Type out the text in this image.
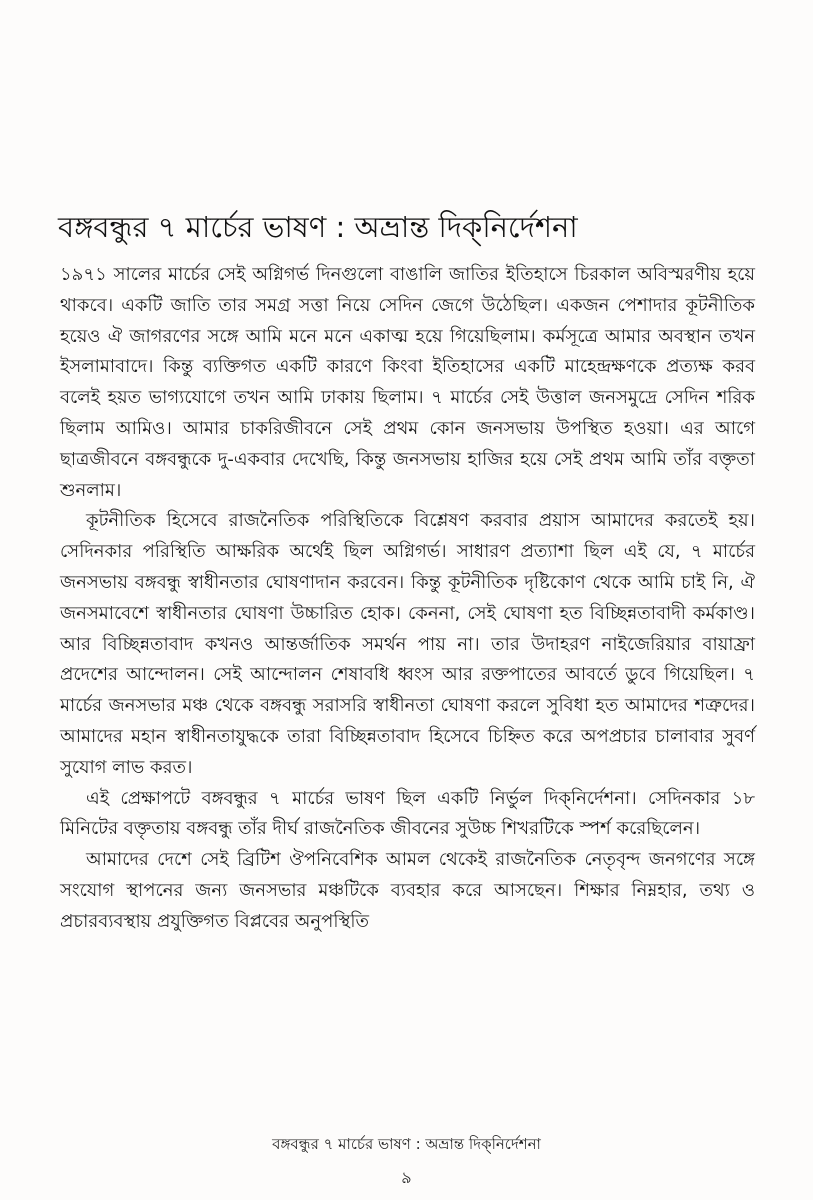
বঙ্গবন্ধুর ৭ মার্চের ভাষণ : অভ্রান্ত দিক্‌নির্দেশনা

১৯৭১ সালের মার্চের সেই অগ্নিগর্ভ দিনগুলো বাঙালি জাতির ইতিহাসে চিরকাল অবিস্মরণীয় হয়ে থাকবে। একটি জাতি তার সমগ্র সত্তা নিয়ে সেদিন জেগে উঠেছিল। একজন পেশাদার কূটনীতিক হয়েও ঐ জাগরণের সঙ্গে আমি মনে মনে একাত্ম হয়ে গিয়েছিলাম। কর্মসূত্রে আমার অবস্থান তখন ইসলামাবাদে। কিন্তু ব্যক্তিগত একটি কারণে কিংবা ইতিহাসের একটি মাহেন্দ্রক্ষণকে প্রত্যক্ষ করব বলেই হয়ত ভাগ্যযোগে তখন আমি ঢাকায় ছিলাম। ৭ মার্চের সেই উত্তাল জনসমুদ্রে সেদিন শরিক ছিলাম আমিও। আমার চাকরিজীবনে সেই প্রথম কোন জনসভায় উপস্থিত হওয়া। এর আগে ছাত্রজীবনে বঙ্গবন্ধুকে দু-একবার দেখেছি, কিন্তু জনসভায় হাজির হয়ে সেই প্রথম আমি তাঁর বক্তৃতা শুনলাম।

কূটনীতিক হিসেবে রাজনৈতিক পরিস্থিতিকে বিশ্লেষণ করবার প্রয়াস আমাদের করতেই হয়। সেদিনকার পরিস্থিতি আক্ষরিক অর্থেই ছিল অগ্নিগর্ভ। সাধারণ প্রত্যাশা ছিল এই যে, ৭ মার্চের জনসভায় বঙ্গবন্ধু স্বাধীনতার ঘোষণাদান করবেন। কিন্তু কূটনীতিক দৃষ্টিকোণ থেকে আমি চাই নি, ঐ জনসমাবেশে স্বাধীনতার ঘোষণা উচ্চারিত হোক। কেননা, সেই ঘোষণা হত বিচ্ছিন্নতাবাদী কর্মকাণ্ড। আর বিচ্ছিন্নতাবাদ কখনও আন্তর্জাতিক সমর্থন পায় না। তার উদাহরণ নাইজেরিয়ার বায়াফ্রা প্রদেশের আন্দোলন। সেই আন্দোলন শেষাবধি ধ্বংস আর রক্তপাতের আবর্তে ডুবে গিয়েছিল। ৭ মার্চের জনসভার মঞ্চ থেকে বঙ্গবন্ধু সরাসরি স্বাধীনতা ঘোষণা করলে সুবিধা হত আমাদের শত্রুদের। আমাদের মহান স্বাধীনতাযুদ্ধকে তারা বিচ্ছিন্নতাবাদ হিসেবে চিহ্নিত করে অপপ্রচার চালাবার সুবর্ণ সুযোগ লাভ করত।

এই প্রেক্ষাপটে বঙ্গবন্ধুর ৭ মার্চের ভাষণ ছিল একটি নির্ভুল দিক্‌নির্দেশনা। সেদিনকার ১৮ মিনিটের বক্তৃতায় বঙ্গবন্ধু তাঁর দীর্ঘ রাজনৈতিক জীবনের সুউচ্চ শিখরটিকে স্পর্শ করেছিলেন।

আমাদের দেশে সেই ব্রিটিশ ঔপনিবেশিক আমল থেকেই রাজনৈতিক নেতৃবৃন্দ জনগণের সঙ্গে সংযোগ স্থাপনের জন্য জনসভার মঞ্চটিকে ব্যবহার করে আসছেন। শিক্ষার নিম্নহার, তথ্য ও প্রচারব্যবস্থায় প্রযুক্তিগত বিপ্লবের অনুপস্থিতি

বঙ্গবন্ধুর ৭ মার্চের ভাষণ : অভ্রান্ত দিক্‌নির্দেশনা
৯
